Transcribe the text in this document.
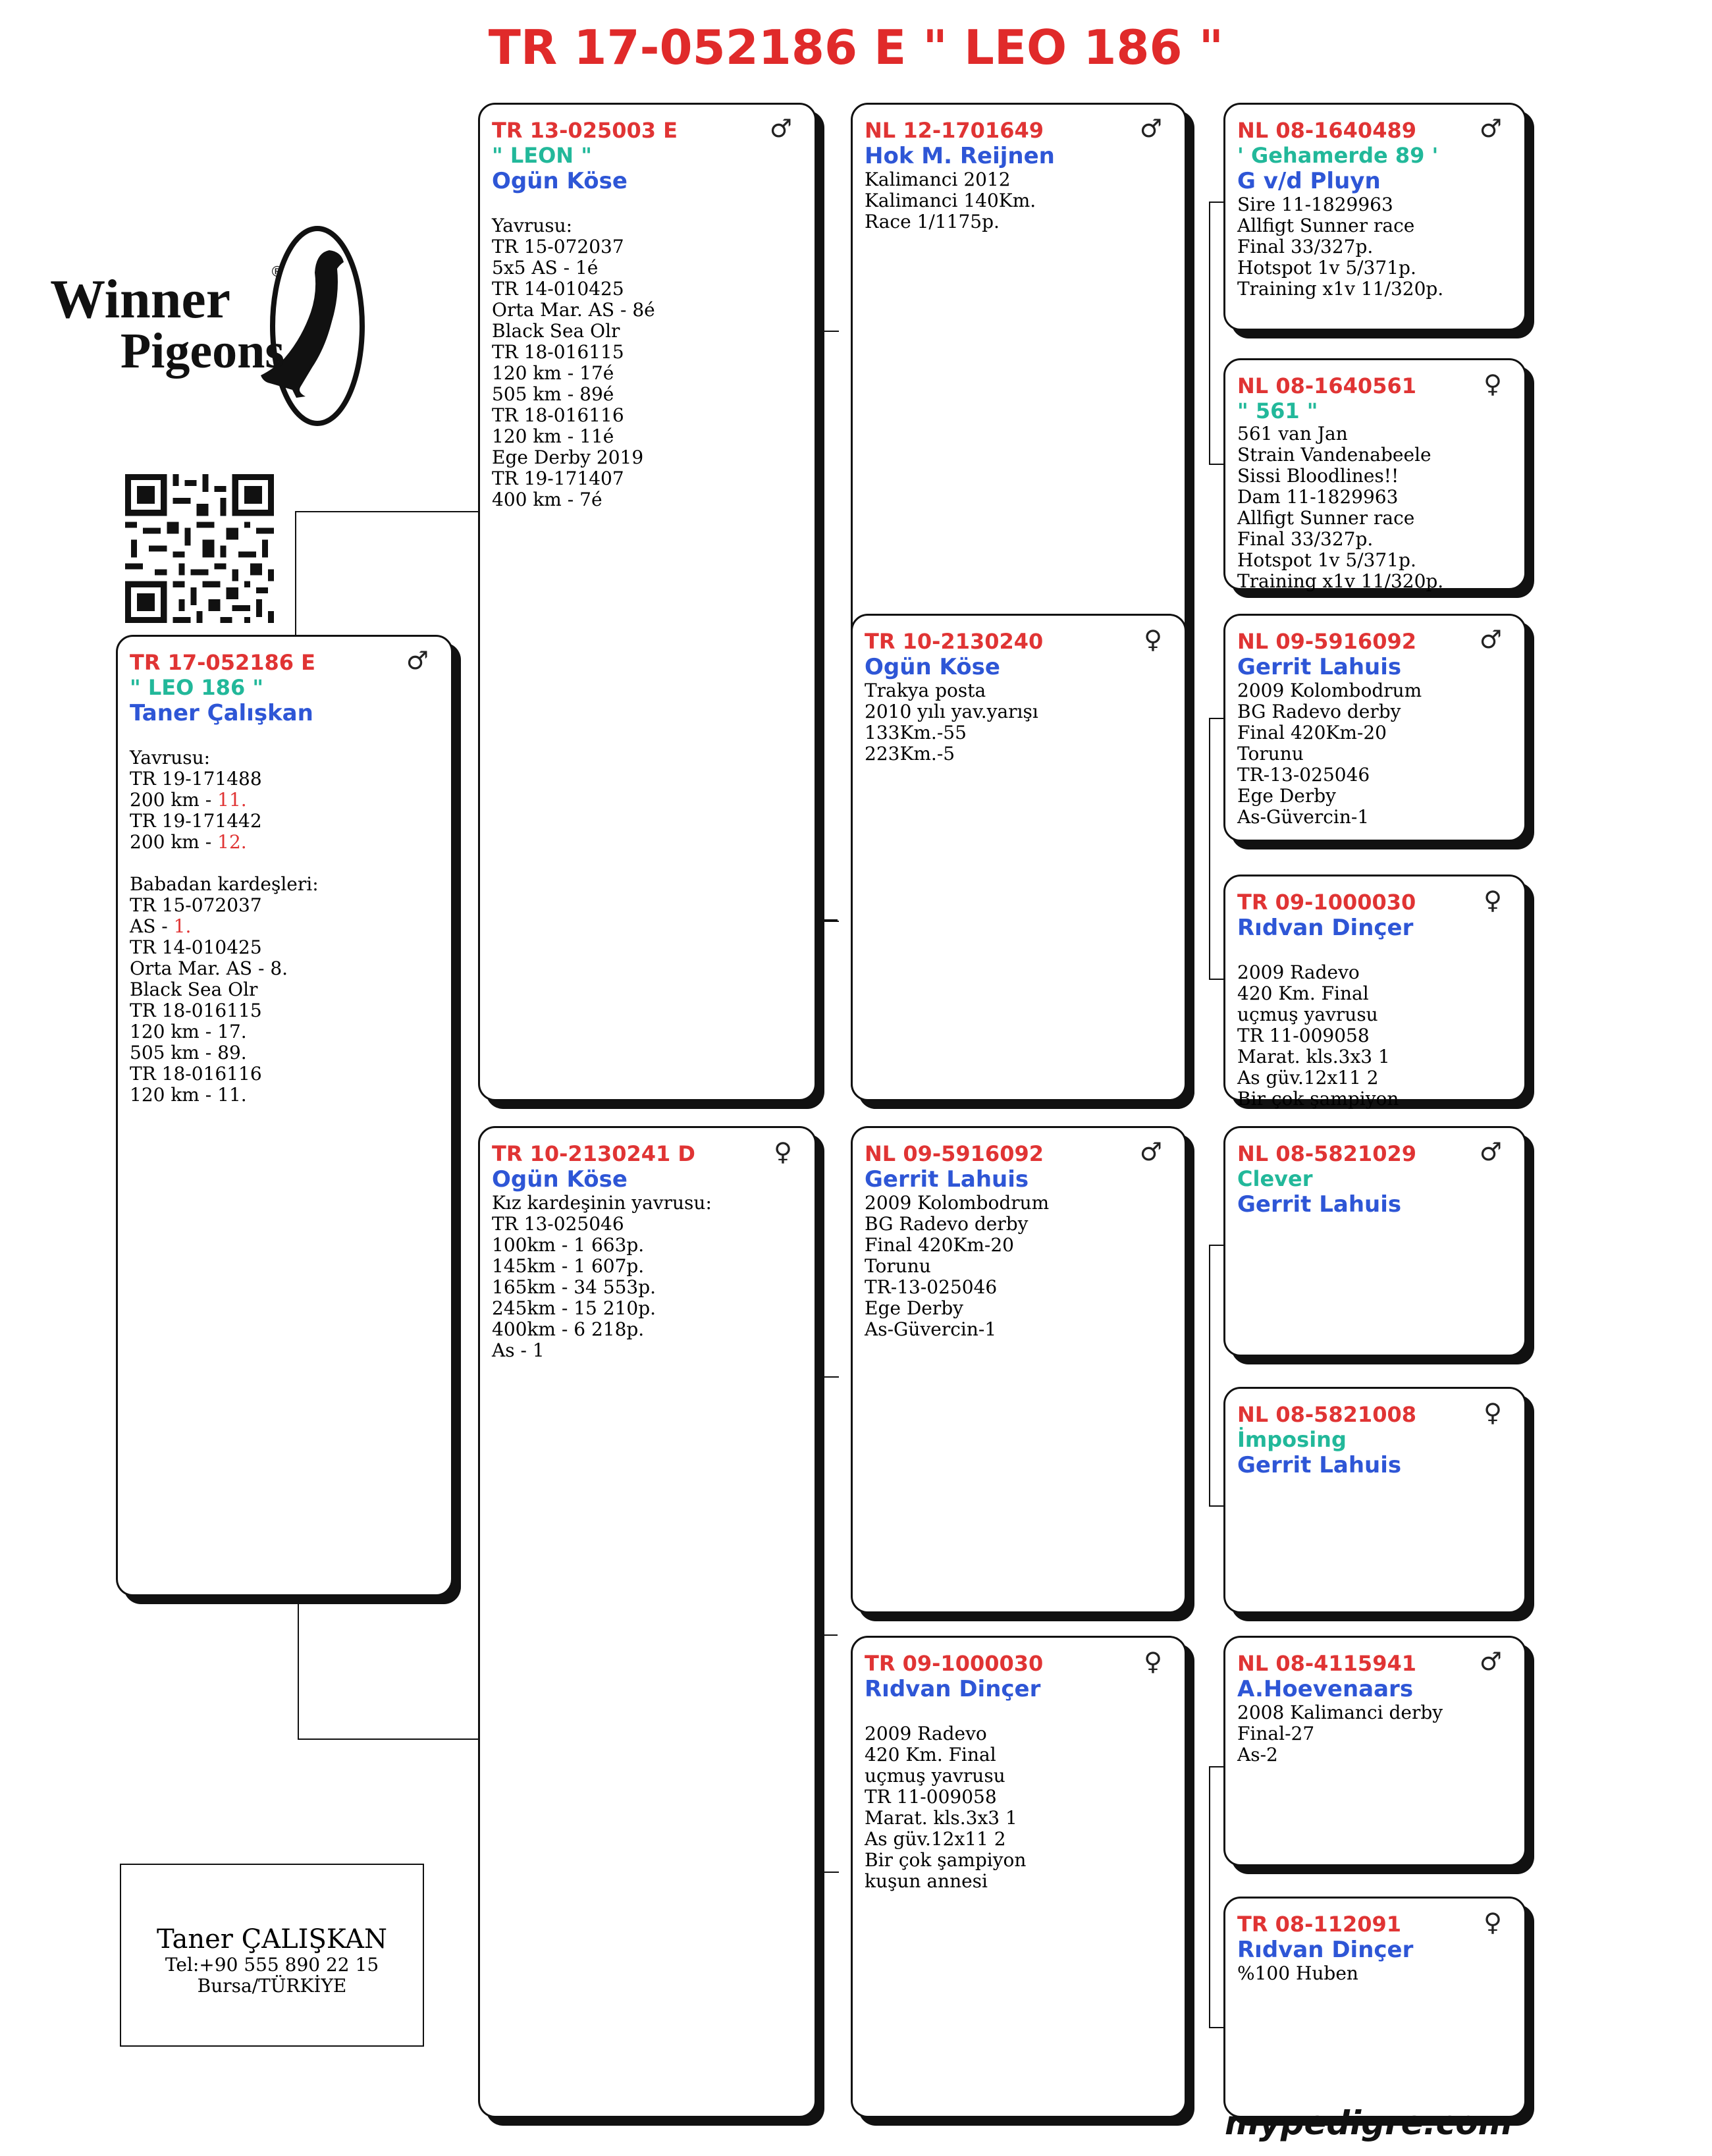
TR 17-052186 E " LEO 186 "
Winner
Pigeons
®
♂
TR 17-052186 E
" LEO 186 "
Taner Çalışkan
Yavrusu:
TR 19-171488
200 km - 11.
TR 19-171442
200 km - 12.
Babadan kardeşleri:
TR 15-072037
AS - 1.
TR 14-010425
Orta Mar. AS - 8.
Black Sea Olr
TR 18-016115
120 km - 17.
505 km - 89.
TR 18-016116
120 km - 11.
♂
TR 13-025003 E
" LEON "
Ogün Köse
Yavrusu:
TR 15-072037
5x5 AS - 1é
TR 14-010425
Orta Mar. AS - 8é
Black Sea Olr
TR 18-016115
120 km - 17é
505 km - 89é
TR 18-016116
120 km - 11é
Ege Derby 2019
TR 19-171407
400 km - 7é
♀
TR 10-2130241 D
Ogün Köse
Kız kardeşinin yavrusu:
TR 13-025046
100km - 1 663p.
145km - 1 607p.
165km - 34 553p.
245km - 15 210p.
400km - 6 218p.
As - 1
♂
NL 12-1701649
Hok M. Reijnen
Kalimanci 2012
Kalimanci 140Km.
Race 1/1175p.
♀
TR 10-2130240
Ogün Köse
Trakya posta
2010 yılı yav.yarışı
133Km.-55
223Km.-5
♂
NL 09-5916092
Gerrit Lahuis
2009 Kolombodrum
BG Radevo derby
Final 420Km-20
Torunu
TR-13-025046
Ege Derby
As-Güvercin-1
♀
TR 09-1000030
Rıdvan Dinçer

2009 Radevo
420 Km. Final
uçmuş yavrusu
TR 11-009058
Marat. kls.3x3 1
As güv.12x11 2
Bir çok şampiyon
kuşun annesi
♂
NL 08-1640489
' Gehamerde 89 '
G v/d Pluyn
Sire 11-1829963
Allfigt Sunner race
Final 33/327p.
Hotspot 1v 5/371p.
Training x1v 11/320p.
♀
NL 08-1640561
" 561 "
561 van Jan
Strain Vandenabeele
Sissi Bloodlines!!
Dam 11-1829963
Allfigt Sunner race
Final 33/327p.
Hotspot 1v 5/371p.
Training x1v 11/320p.
♂
NL 09-5916092
Gerrit Lahuis
2009 Kolombodrum
BG Radevo derby
Final 420Km-20
Torunu
TR-13-025046
Ege Derby
As-Güvercin-1
♀
TR 09-1000030
Rıdvan Dinçer

2009 Radevo
420 Km. Final
uçmuş yavrusu
TR 11-009058
Marat. kls.3x3 1
As güv.12x11 2
Bir çok şampiyon
♂
NL 08-5821029
Clever
Gerrit Lahuis
♀
NL 08-5821008
İmposing
Gerrit Lahuis
♂
NL 08-4115941
A.Hoevenaars
2008 Kalimanci derby
Final-27
As-2
♀
TR 08-112091
Rıdvan Dinçer
%100 Huben
Taner ÇALIŞKAN
Tel:+90 555 890 22 15
Bursa/TÜRKİYE
mypedigre.com
